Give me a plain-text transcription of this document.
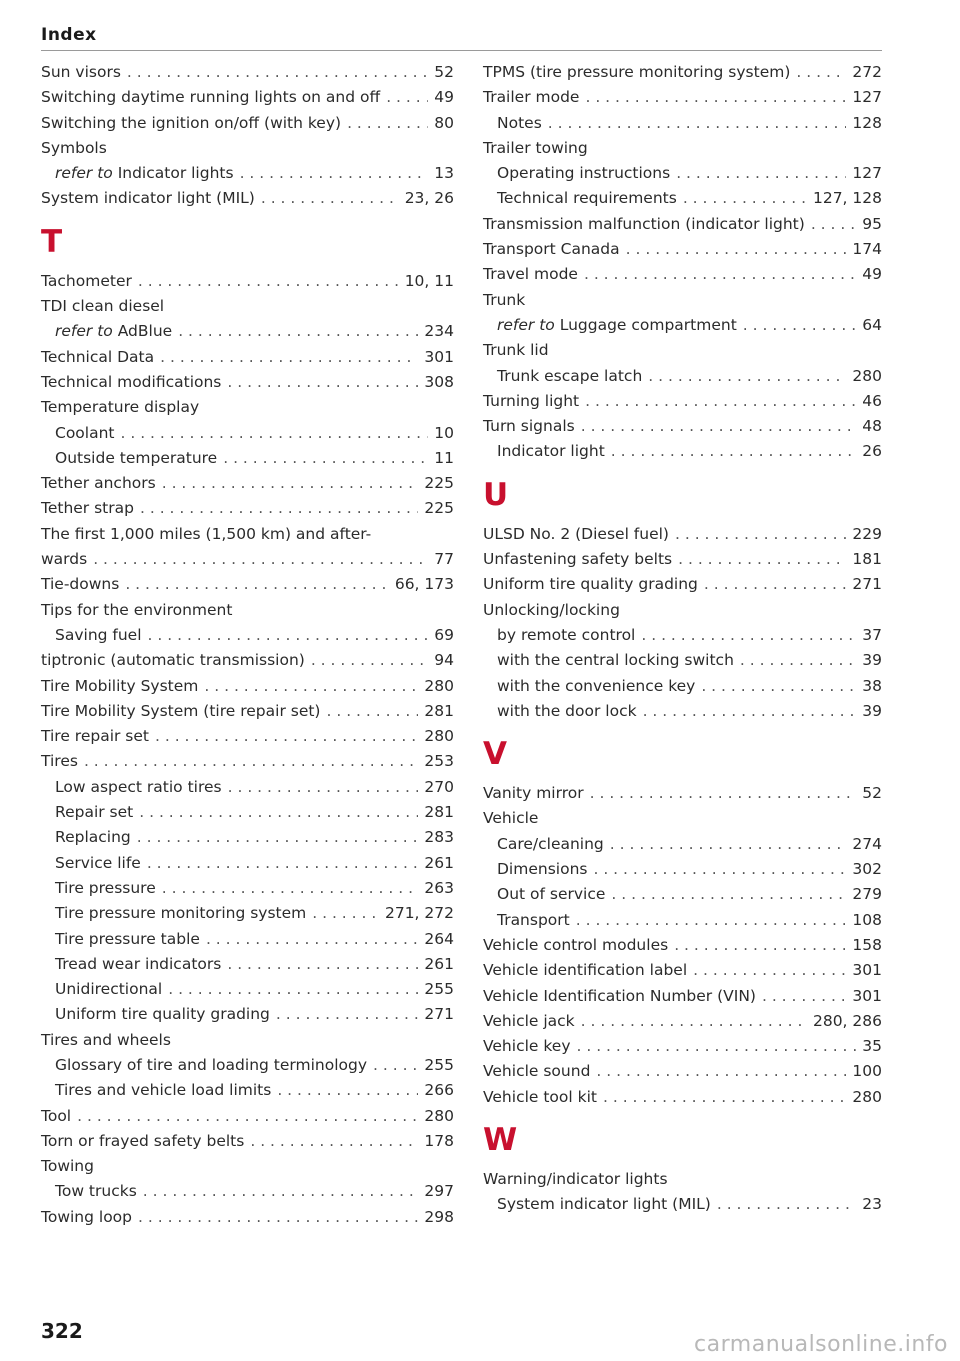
Index
Sun visors . . .	52
Switching daytime running lights on and off . . .	49
Switching the ignition on/off (with key) . . .	80
Symbols
refer to Indicator lights . . .	13
System indicator light (MIL) . . .	23, 26
T
Tachometer . . .	10, 11
TDI clean diesel
refer to AdBlue . . .	234
Technical Data . . .	301
Technical modifications . . .	308
Temperature display
Coolant . . .	10
Outside temperature . . .	11
Tether anchors . . .	225
Tether strap . . .	225
The first 1,000 miles (1,500 km) and after-
wards . . .	77
Tie-downs . . .	66, 173
Tips for the environment
Saving fuel . . .	69
tiptronic (automatic transmission) . . .	94
Tire Mobility System . . .	280
Tire Mobility System (tire repair set) . . .	281
Tire repair set . . .	280
Tires . . .	253
Low aspect ratio tires . . .	270
Repair set . . .	281
Replacing . . .	283
Service life . . .	261
Tire pressure . . .	263
Tire pressure monitoring system . . .	271, 272
Tire pressure table . . .	264
Tread wear indicators . . .	261
Unidirectional . . .	255
Uniform tire quality grading . . .	271
Tires and wheels
Glossary of tire and loading terminology . . .	255
Tires and vehicle load limits . . .	266
Tool . . .	280
Torn or frayed safety belts . . .	178
Towing
Tow trucks . . .	297
Towing loop . . .	298
TPMS (tire pressure monitoring system) . . .	272
Trailer mode . . .	127
Notes . . .	128
Trailer towing
Operating instructions . . .	127
Technical requirements . . .	127, 128
Transmission malfunction (indicator light) . . .	95
Transport Canada . . .	174
Travel mode . . .	49
Trunk
refer to Luggage compartment . . .	64
Trunk lid
Trunk escape latch . . .	280
Turning light . . .	46
Turn signals . . .	48
Indicator light . . .	26
U
ULSD No. 2 (Diesel fuel) . . .	229
Unfastening safety belts . . .	181
Uniform tire quality grading . . .	271
Unlocking/locking
by remote control . . .	37
with the central locking switch . . .	39
with the convenience key . . .	38
with the door lock . . .	39
V
Vanity mirror . . .	52
Vehicle
Care/cleaning . . .	274
Dimensions . . .	302
Out of service . . .	279
Transport . . .	108
Vehicle control modules . . .	158
Vehicle identification label . . .	301
Vehicle Identification Number (VIN) . . .	301
Vehicle jack . . .	280, 286
Vehicle key . . .	35
Vehicle sound . . .	100
Vehicle tool kit . . .	280
W
Warning/indicator lights
System indicator light (MIL) . . .	23
322
carmanualsonline.info
